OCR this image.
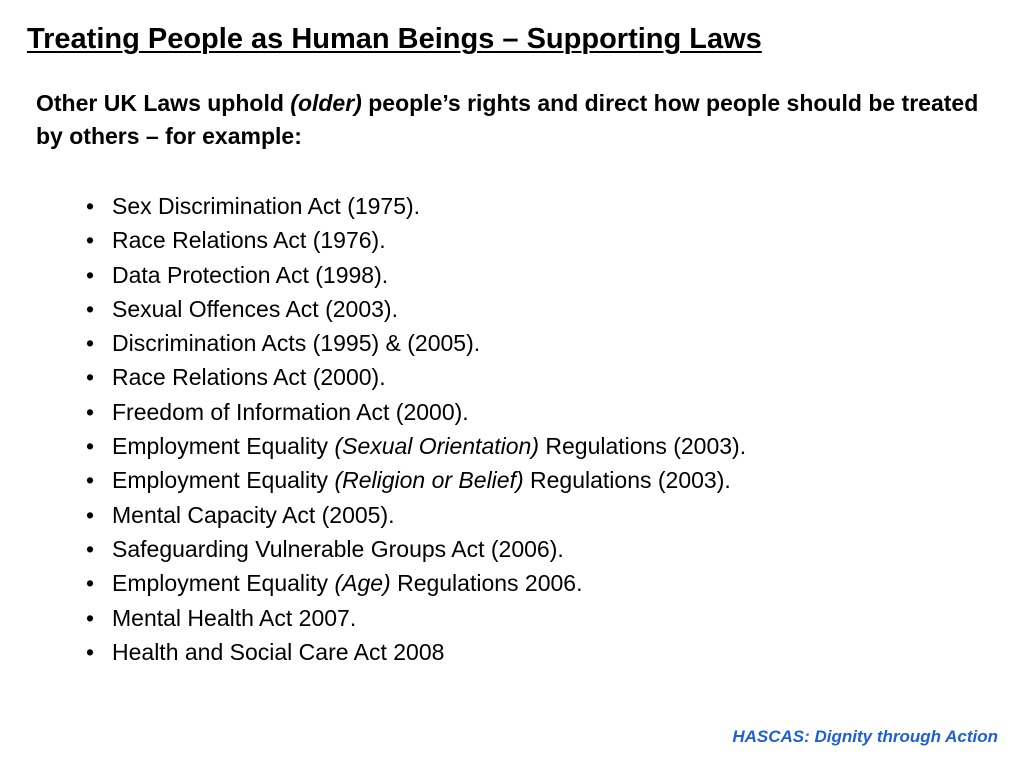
Treating People as Human Beings – Supporting Laws
Other UK Laws uphold (older) people’s rights and direct how people should be treated by others – for example:
• Sex Discrimination Act (1975).
• Race Relations Act (1976).
• Data Protection Act (1998).
• Sexual Offences Act (2003).
• Discrimination Acts (1995) & (2005).
• Race Relations Act (2000).
• Freedom of Information Act (2000).
• Employment Equality (Sexual Orientation) Regulations (2003).
• Employment Equality (Religion or Belief) Regulations (2003).
• Mental Capacity Act (2005).
• Safeguarding Vulnerable Groups Act (2006).
• Employment Equality (Age) Regulations 2006.
• Mental Health Act 2007.
• Health and Social Care Act 2008
HASCAS: Dignity through Action
